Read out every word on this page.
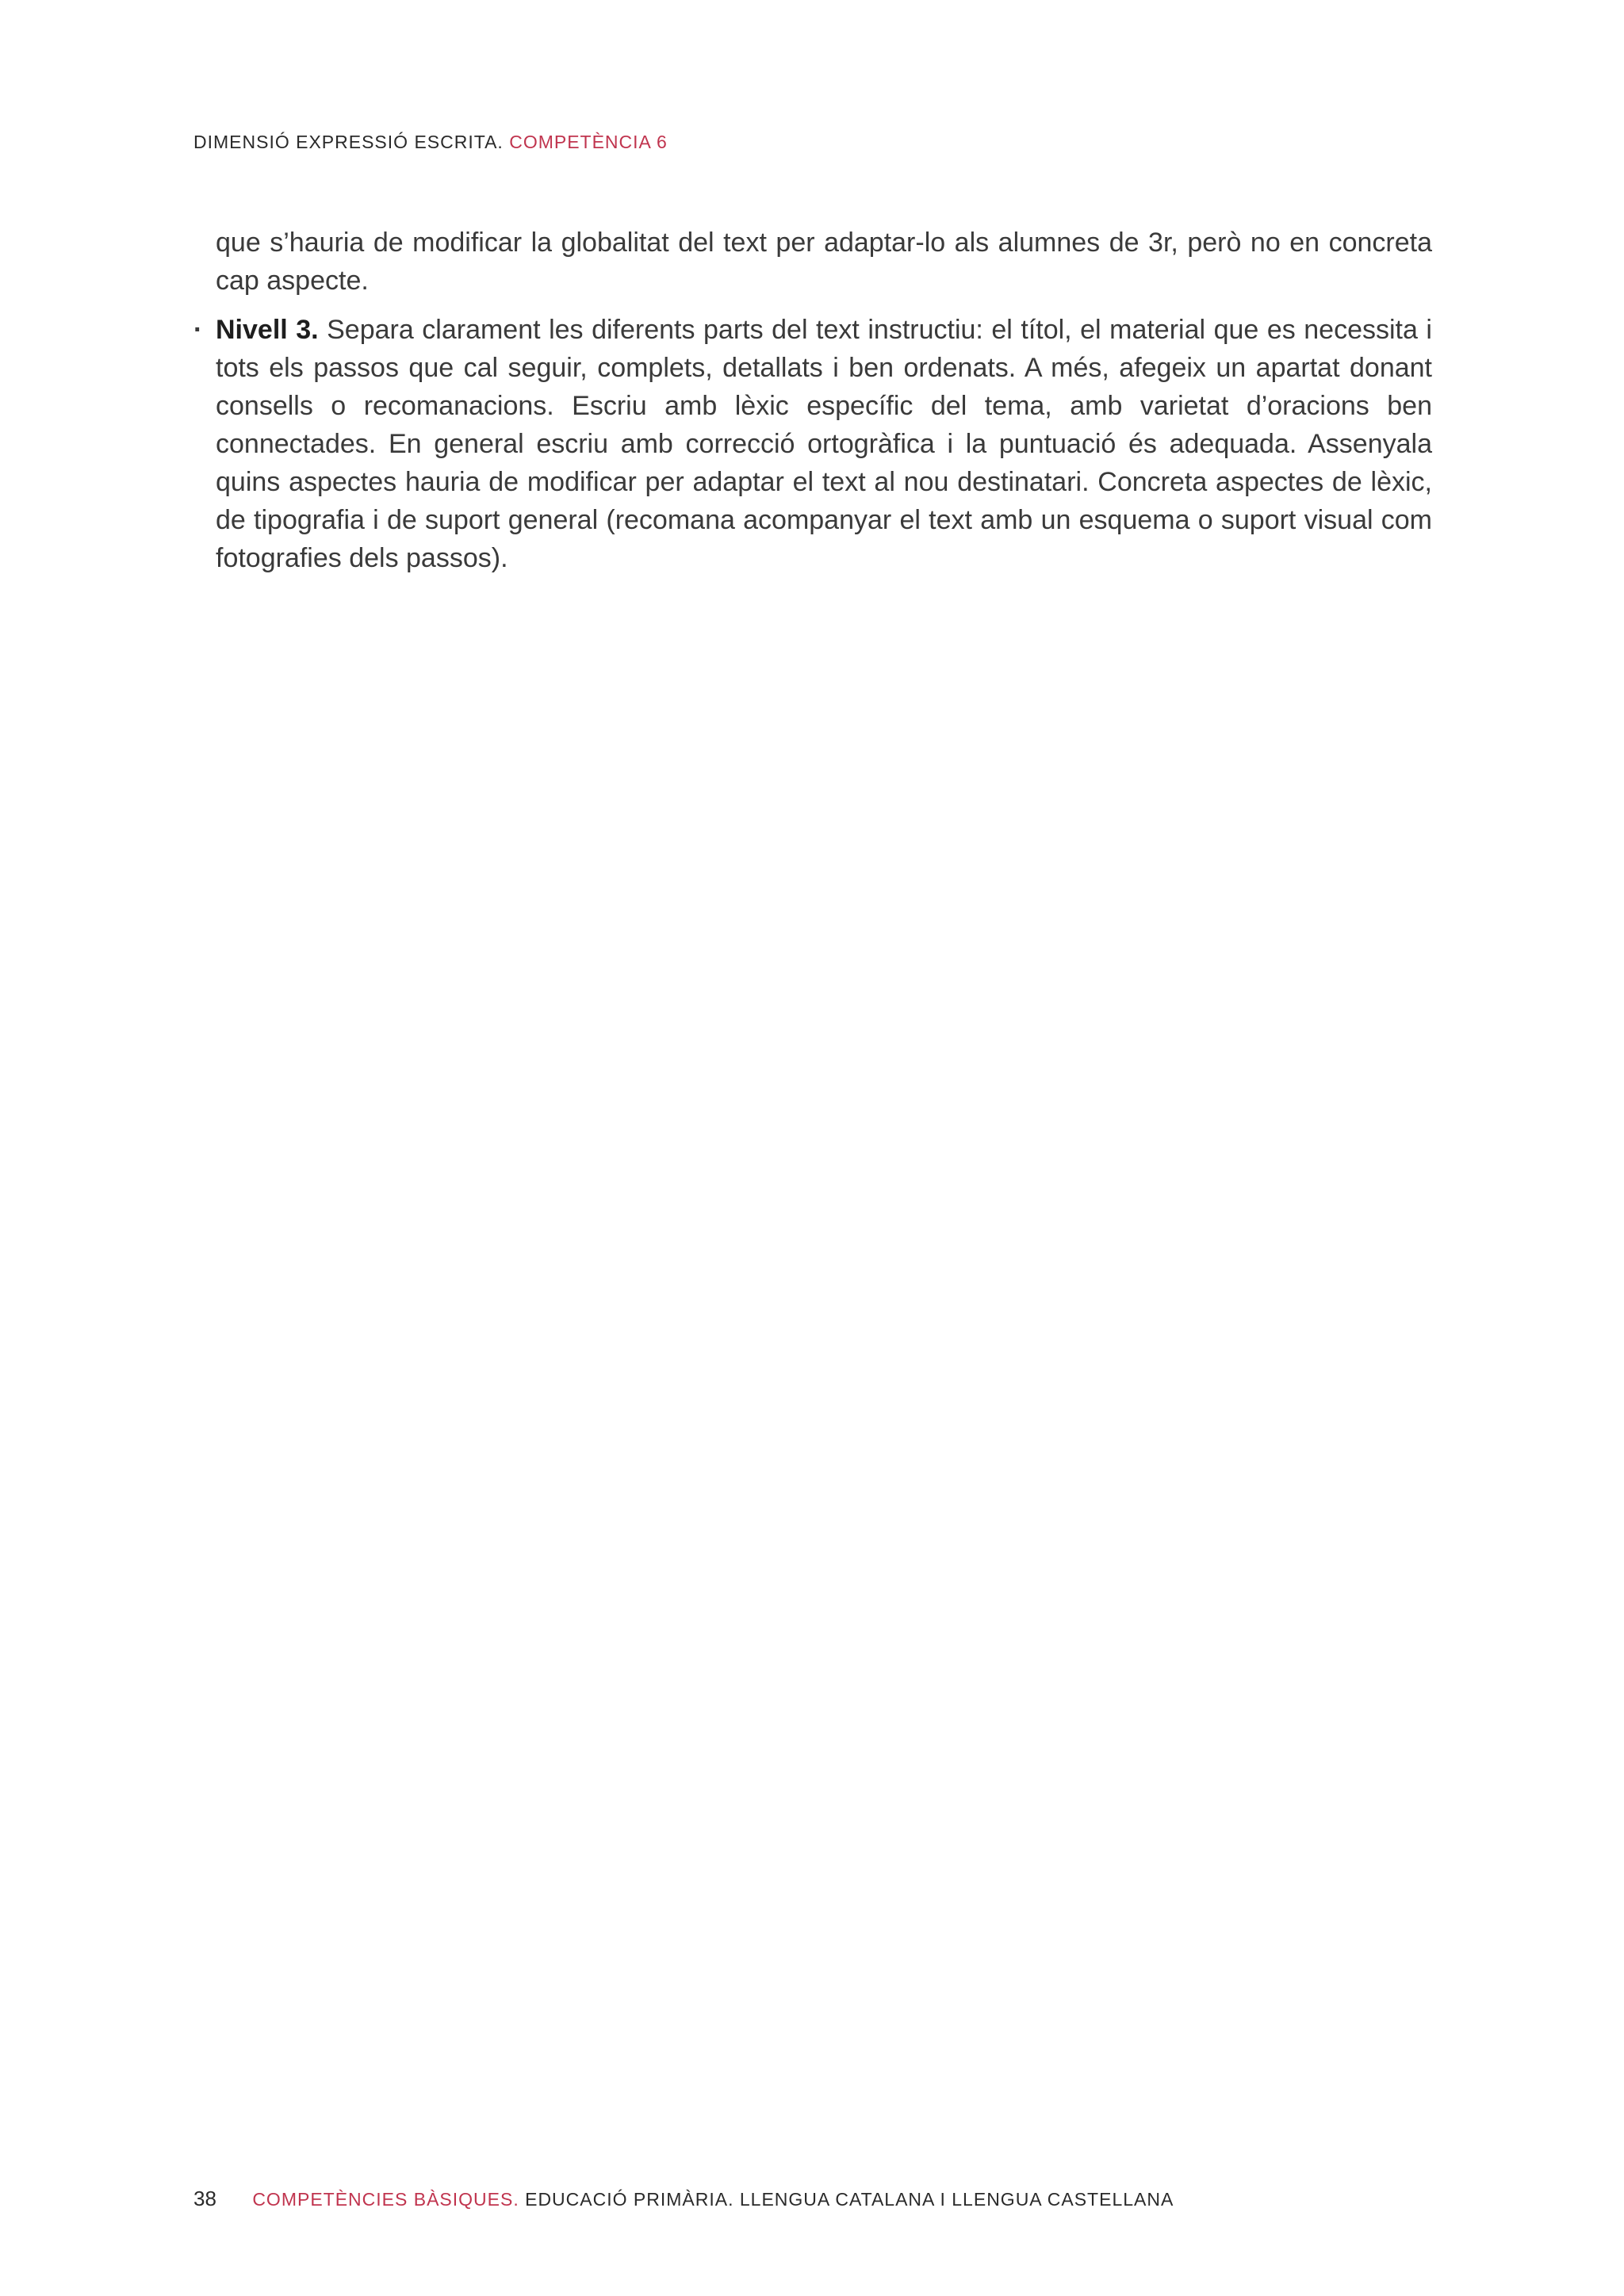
DIMENSIÓ EXPRESSIÓ ESCRITA. COMPETÈNCIA 6

que s’hauria de modificar la globalitat del text per adaptar-lo als alumnes de 3r, però no en concreta cap aspecte.

· Nivell 3. Separa clarament les diferents parts del text instructiu: el títol, el material que es necessita i tots els passos que cal seguir, complets, detallats i ben ordenats. A més, afegeix un apartat donant consells o recomanacions. Escriu amb lèxic específic del tema, amb varietat d’oracions ben connectades. En general escriu amb correcció ortogràfica i la puntuació és adequada. Assenyala quins aspectes hauria de modificar per adaptar el text al nou destinatari. Concreta aspectes de lèxic, de tipografia i de suport general (recomana acompanyar el text amb un esquema o suport visual com fotografies dels passos).
38 COMPETÈNCIES BÀSIQUES. EDUCACIÓ PRIMÀRIA. LLENGUA CATALANA I LLENGUA CASTELLANA
